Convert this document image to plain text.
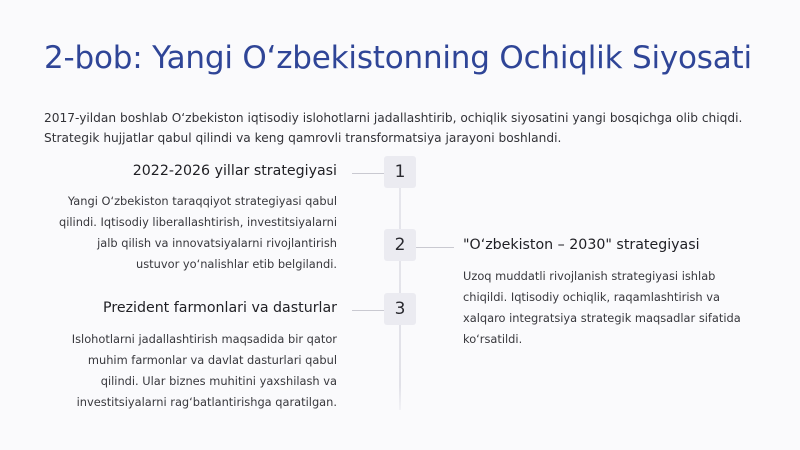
2-bob: Yangi O‘zbekistonning Ochiqlik Siyosati

2017-yildan boshlab O‘zbekiston iqtisodiy islohotlarni jadallashtirib, ochiqlik siyosatini yangi bosqichga olib chiqdi. Strategik hujjatlar qabul qilindi va keng qamrovli transformatsiya jarayoni boshlandi.

1
2022-2026 yillar strategiyasi

Yangi O‘zbekiston taraqqiyot strategiyasi qabul qilindi. Iqtisodiy liberallashtirish, investitsiyalarni jalb qilish va innovatsiyalarni rivojlantirish ustuvor yo‘nalishlar etib belgilandi.

2	"O‘zbekiston – 2030" strategiyasi

Uzoq muddatli rivojlanish strategiyasi ishlab chiqildi. Iqtisodiy ochiqlik, raqamlashtirish va xalqaro integratsiya strategik maqsadlar sifatida ko‘rsatildi.

3
Prezident farmonlari va dasturlar

Islohotlarni jadallashtirish maqsadida bir qator muhim farmonlar va davlat dasturlari qabul qilindi. Ular biznes muhitini yaxshilash va investitsiyalarni rag‘batlantirishga qaratilgan.
